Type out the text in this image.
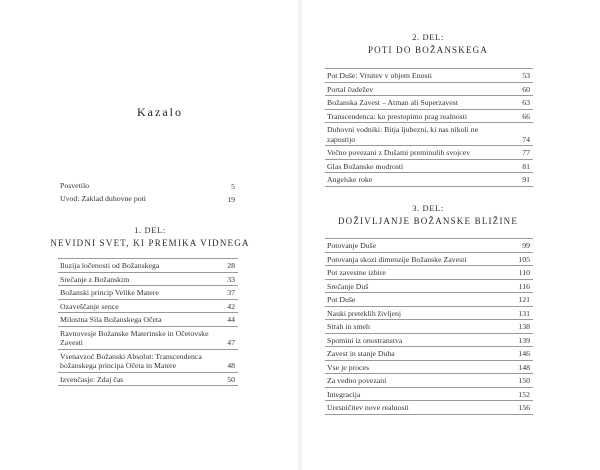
Kazalo
Posvetilo	5
Uvod: Zaklad duhovne poti	19
1. DEL:
NEVIDNI SVET, KI PREMIKA VIDNEGA
Iluzija ločenosti od Božanskega	28
Srečanje z Božanskim	33
Božanski princip Velike Matere	37
Ozaveščanje sence	42
Milostna Sila Božanskega Očeta	44
Ravnovesje Božanske Materinske in Očetovske Zavesti	47
Vsenavzoč Božanski Absolut: Transcendenca božanskega principa Očeta in Matere	48
Izvenčasje: Zdaj čas	50
2. DEL:
POTI DO BOŽANSKEGA
Pot Duše: Vrnitev v objem Enosti	53
Portal čudežev	60
Božanska Zavest – Atman ali Superzavest	63
Transcendenca: ko prestopimo prag realnosti	66
Duhovni vodniki: Bitja ljubezni, ki nas nikoli ne zapustijo	74
Večno povezani z Dušami preminulih svojcev	77
Glas Božanske modrosti	81
Angelske roke	91
3. DEL:
DOŽIVLJANJE BOŽANSKE BLIŽINE
Potovanje Duše	99
Potovanja skozi dimenzije Božanske Zavesti	105
Pot zavestne izbire	110
Srečanje Duš	116
Pot Duše	121
Nauki preteklih življenj	131
Strah in smeh	138
Spomini iz onostranstva	139
Zavest in stanje Duha	146
Vse je proces	148
Za vedno povezani	150
Integracija	152
Uresničitev nove realnosti	156
